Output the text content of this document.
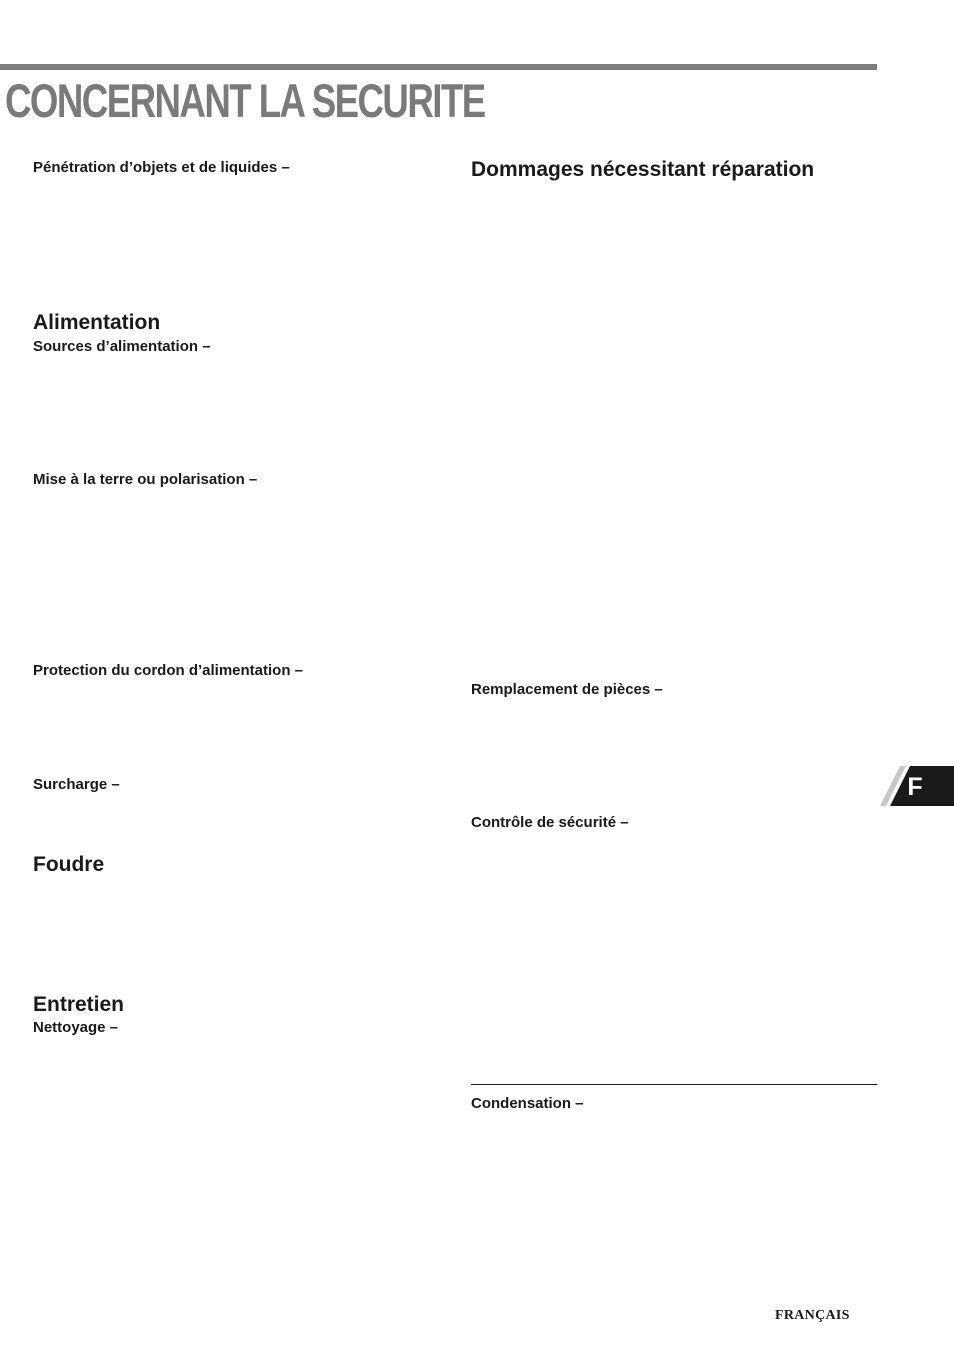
CONCERNANT LA SECURITE
Pénétration d’objets et de liquides –
Alimentation
Sources d’alimentation –
Mise à la terre ou polarisation –
Protection du cordon d’alimentation –
Surcharge –
Foudre
Entretien
Nettoyage –
Dommages nécessitant réparation
Remplacement de pièces –
Contrôle de sécurité –
Condensation –
F
FRANÇAIS
